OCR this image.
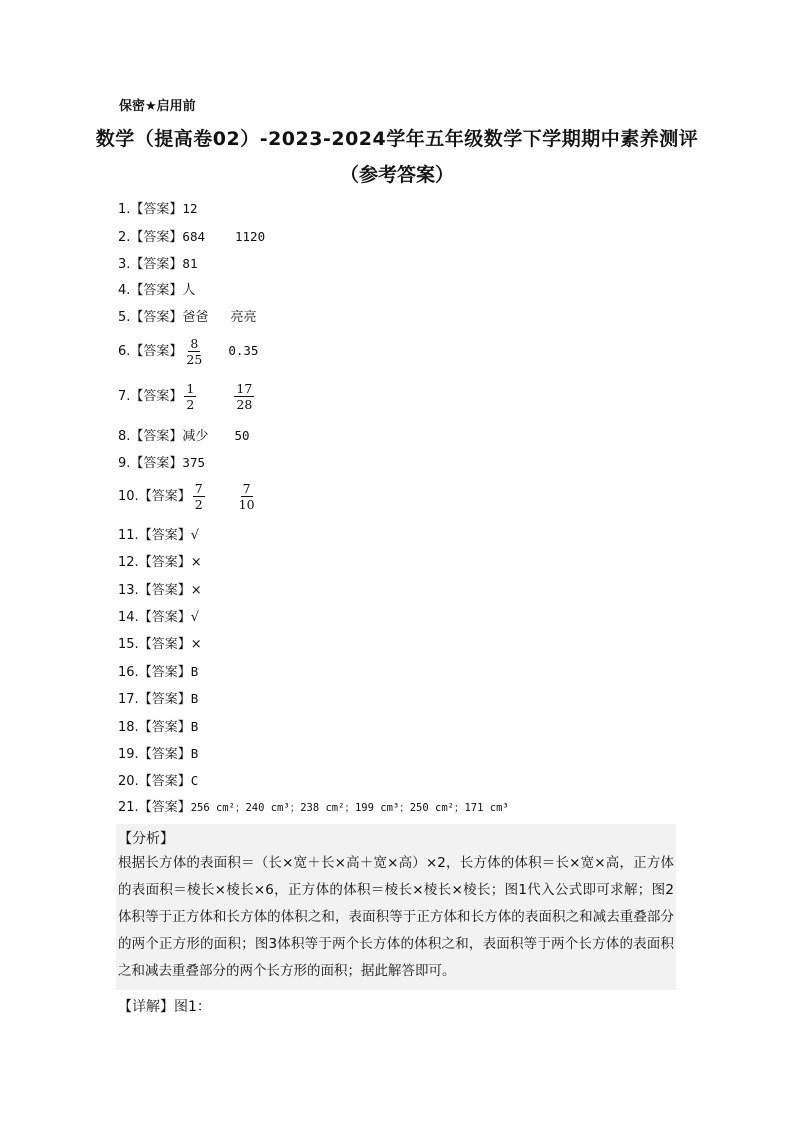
保密★启用前
数学（提高卷02）-2023-2024学年五年级数学下学期期中素养测评
（参考答案）
1.【答案】12
2.【答案】684 1120
3.【答案】81
4.【答案】人
5.【答案】爸爸 亮亮
6.【答案】 $\frac{8}{25} 0.35$
7.【答案】 $\frac{1}{2}$	$\frac{17}{28}$
8.【答案】减少 50
9.【答案】375
10.【答案】 $\frac{7}{2}$	$\frac{7}{10}$
11.【答案】√
12.【答案】×
13.【答案】×
14.【答案】√
15.【答案】×
16.【答案】B
17.【答案】B
18.【答案】B
19.【答案】B
20.【答案】C
21.【答案】256 cm²；240 cm³；238 cm²；199 cm³；250 cm²；171 cm³
【分析】
根据长方体的表面积＝（长×宽＋长×高＋宽×高）×2，长方体的体积＝长×宽×高，正方体的表面积＝棱长×棱长×6，正方体的体积＝棱长×棱长×棱长；图1代入公式即可求解；图2体积等于正方体和长方体的体积之和，表面积等于正方体和长方体的表面积之和减去重叠部分的两个正方形的面积；图3体积等于两个长方体的体积之和，表面积等于两个长方体的表面积之和减去重叠部分的两个长方形的面积；据此解答即可。
【详解】图1：
